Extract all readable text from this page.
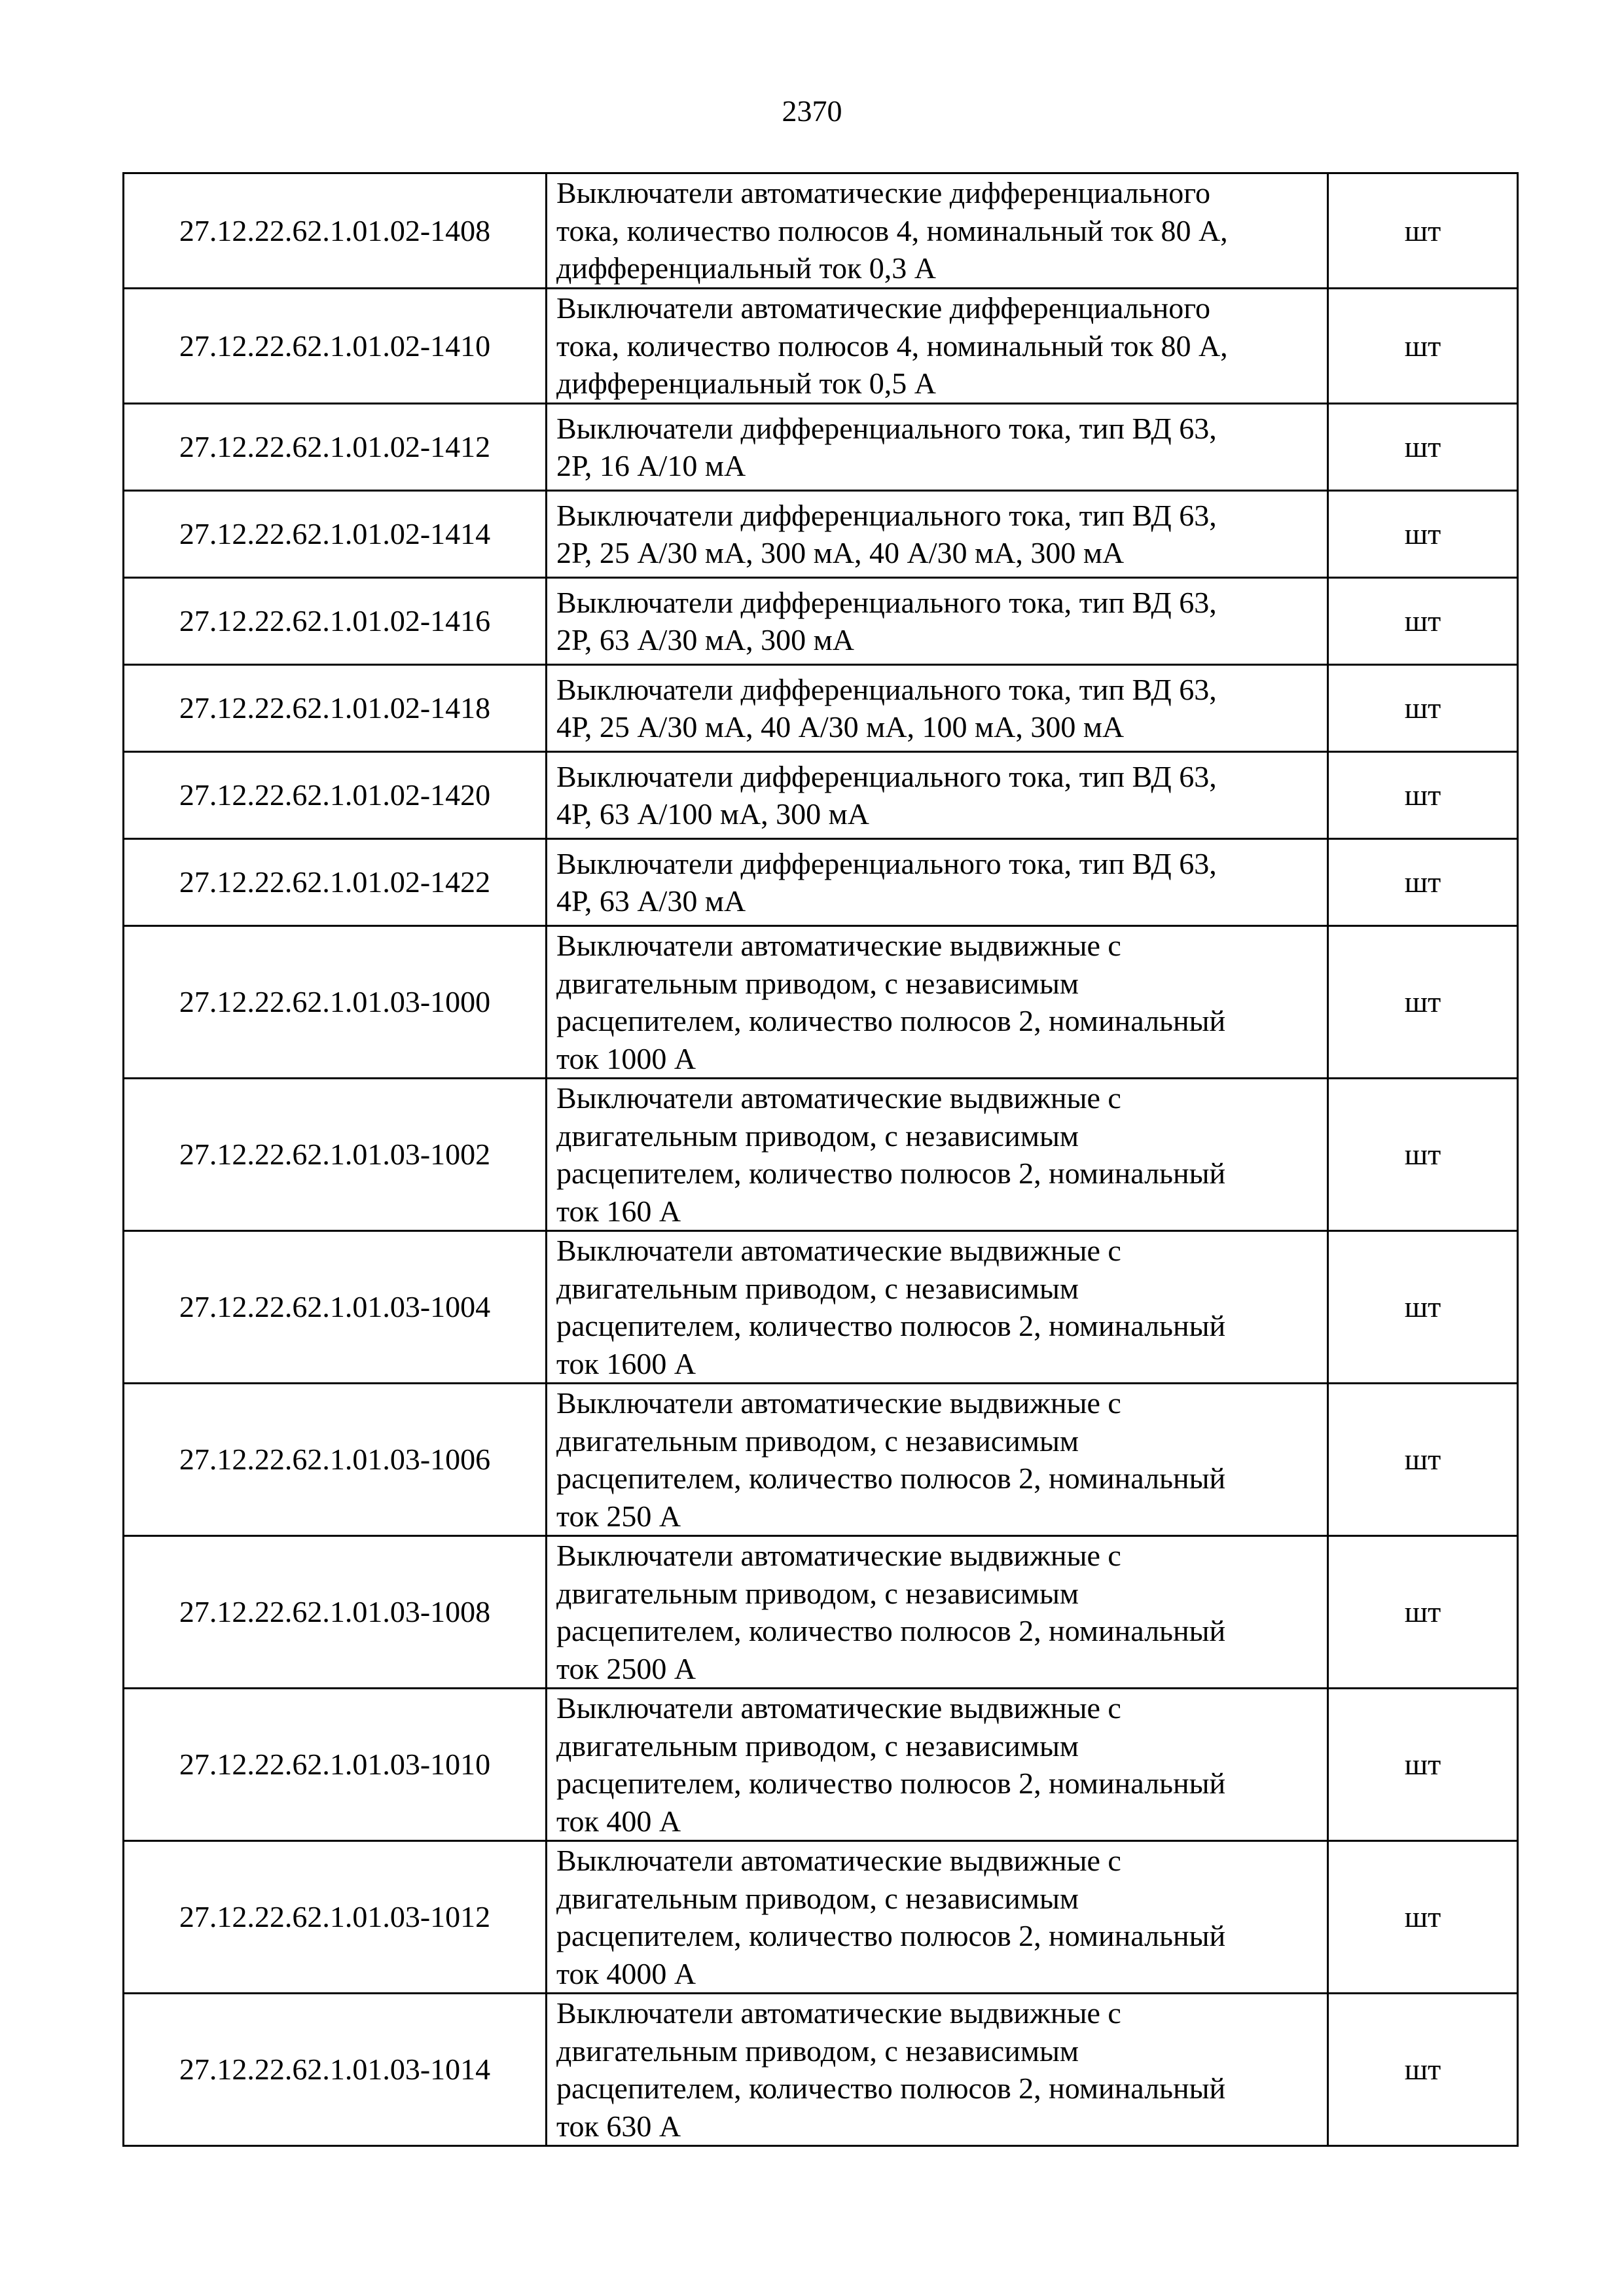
2370
27.12.22.62.1.01.02-1408	Выключатели автоматические дифференциального
тока, количество полюсов 4, номинальный ток 80 А,
дифференциальный ток 0,3 А	шт
27.12.22.62.1.01.02-1410	Выключатели автоматические дифференциального
тока, количество полюсов 4, номинальный ток 80 А,
дифференциальный ток 0,5 А	шт
27.12.22.62.1.01.02-1412	Выключатели дифференциального тока, тип ВД 63,
2Р, 16 А/10 мА	шт
27.12.22.62.1.01.02-1414	Выключатели дифференциального тока, тип ВД 63,
2Р, 25 А/30 мА, 300 мА, 40 А/30 мА, 300 мА	шт
27.12.22.62.1.01.02-1416	Выключатели дифференциального тока, тип ВД 63,
2Р, 63 А/30 мА, 300 мА	шт
27.12.22.62.1.01.02-1418	Выключатели дифференциального тока, тип ВД 63,
4Р, 25 А/30 мА, 40 А/30 мА, 100 мА, 300 мА	шт
27.12.22.62.1.01.02-1420	Выключатели дифференциального тока, тип ВД 63,
4Р, 63 А/100 мА, 300 мА	шт
27.12.22.62.1.01.02-1422	Выключатели дифференциального тока, тип ВД 63,
4Р, 63 А/30 мА	шт
27.12.22.62.1.01.03-1000	Выключатели автоматические выдвижные с
двигательным приводом, с независимым
расцепителем, количество полюсов 2, номинальный
ток 1000 А	шт
27.12.22.62.1.01.03-1002	Выключатели автоматические выдвижные с
двигательным приводом, с независимым
расцепителем, количество полюсов 2, номинальный
ток 160 А	шт
27.12.22.62.1.01.03-1004	Выключатели автоматические выдвижные с
двигательным приводом, с независимым
расцепителем, количество полюсов 2, номинальный
ток 1600 А	шт
27.12.22.62.1.01.03-1006	Выключатели автоматические выдвижные с
двигательным приводом, с независимым
расцепителем, количество полюсов 2, номинальный
ток 250 А	шт
27.12.22.62.1.01.03-1008	Выключатели автоматические выдвижные с
двигательным приводом, с независимым
расцепителем, количество полюсов 2, номинальный
ток 2500 А	шт
27.12.22.62.1.01.03-1010	Выключатели автоматические выдвижные с
двигательным приводом, с независимым
расцепителем, количество полюсов 2, номинальный
ток 400 А	шт
27.12.22.62.1.01.03-1012	Выключатели автоматические выдвижные с
двигательным приводом, с независимым
расцепителем, количество полюсов 2, номинальный
ток 4000 А	шт
27.12.22.62.1.01.03-1014	Выключатели автоматические выдвижные с
двигательным приводом, с независимым
расцепителем, количество полюсов 2, номинальный
ток 630 А	шт
